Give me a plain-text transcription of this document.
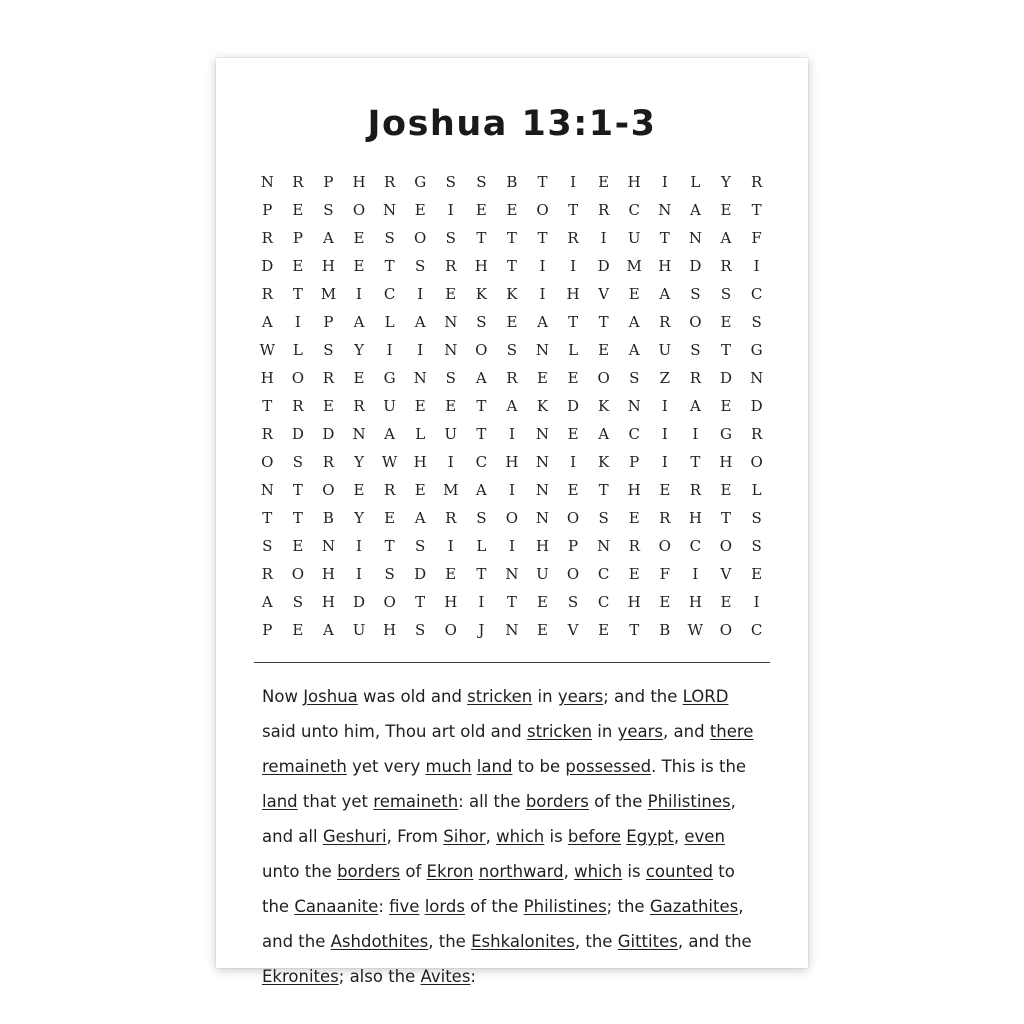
Joshua 13:1-3
N	R	P	H	R	G	S	S	B	T	I	E	H	I	L	Y	R
P	E	S	O	N	E	I	E	E	O	T	R	C	N	A	E	T
R	P	A	E	S	O	S	T	T	T	R	I	U	T	N	A	F
D	E	H	E	T	S	R	H	T	I	I	D	M	H	D	R	I
R	T	M	I	C	I	E	K	K	I	H	V	E	A	S	S	C
A	I	P	A	L	A	N	S	E	A	T	T	A	R	O	E	S
W	L	S	Y	I	I	N	O	S	N	L	E	A	U	S	T	G
H	O	R	E	G	N	S	A	R	E	E	O	S	Z	R	D	N
T	R	E	R	U	E	E	T	A	K	D	K	N	I	A	E	D
R	D	D	N	A	L	U	T	I	N	E	A	C	I	I	G	R
O	S	R	Y	W	H	I	C	H	N	I	K	P	I	T	H	O
N	T	O	E	R	E	M	A	I	N	E	T	H	E	R	E	L
T	T	B	Y	E	A	R	S	O	N	O	S	E	R	H	T	S
S	E	N	I	T	S	I	L	I	H	P	N	R	O	C	O	S
R	O	H	I	S	D	E	T	N	U	O	C	E	F	I	V	E
A	S	H	D	O	T	H	I	T	E	S	C	H	E	H	E	I
P	E	A	U	H	S	O	J	N	E	V	E	T	B	W	O	C
Now Joshua was old and stricken in years; and the LORD said unto him, Thou art old and stricken in years, and there remaineth yet very much land to be possessed. This is the land that yet remaineth: all the borders of the Philistines, and all Geshuri, From Sihor, which is before Egypt, even unto the borders of Ekron northward, which is counted to the Canaanite: five lords of the Philistines; the Gazathites, and the Ashdothites, the Eshkalonites, the Gittites, and the Ekronites; also the Avites:
